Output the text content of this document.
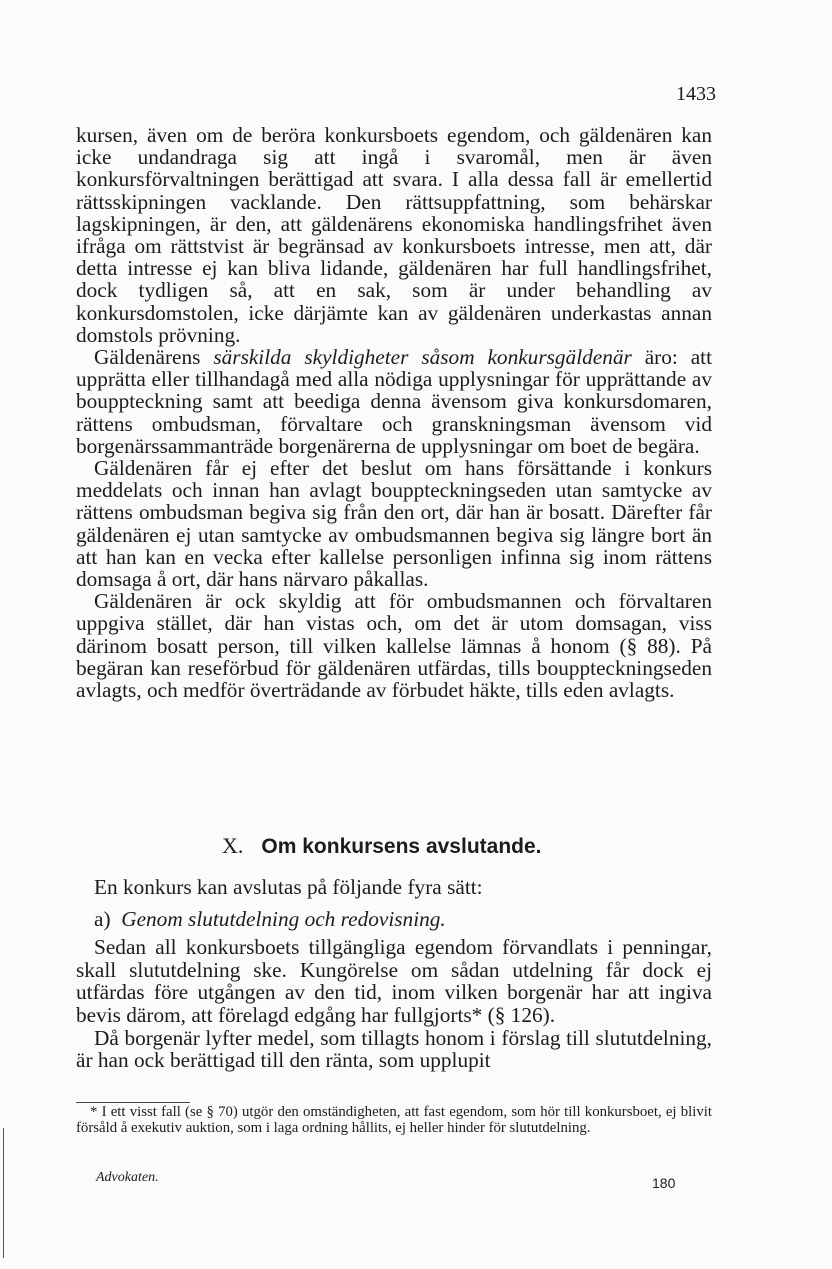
1433

kursen, även om de beröra konkursboets egendom, och gäldenären kan icke undandraga sig att ingå i svaromål, men är även konkursförvaltningen berättigad att svara. I alla dessa fall är emellertid rättsskipningen vacklande. Den rättsuppfattning, som behärskar lagskipningen, är den, att gäldenärens ekonomiska handlingsfrihet även ifråga om rättstvist är begränsad av konkursboets intresse, men att, där detta intresse ej kan bliva lidande, gäldenären har full handlingsfrihet, dock tydligen så, att en sak, som är under behandling av konkursdomstolen, icke därjämte kan av gäldenären underkastas annan domstols prövning.

Gäldenärens särskilda skyldigheter såsom konkursgäldenär äro: att upprätta eller tillhandagå med alla nödiga upplysningar för upprättande av bouppteckning samt att beediga denna ävensom giva konkursdomaren, rättens ombudsman, förvaltare och granskningsman ävensom vid borgenärssammanträde borgenärerna de upplysningar om boet de begära.

Gäldenären får ej efter det beslut om hans försättande i konkurs meddelats och innan han avlagt bouppteckningseden utan samtycke av rättens ombudsman begiva sig från den ort, där han är bosatt. Därefter får gäldenären ej utan samtycke av ombudsmannen begiva sig längre bort än att han kan en vecka efter kallelse personligen infinna sig inom rättens domsaga å ort, där hans närvaro påkallas.

Gäldenären är ock skyldig att för ombudsmannen och förvaltaren uppgiva stället, där han vistas och, om det är utom domsagan, viss därinom bosatt person, till vilken kallelse lämnas å honom (§ 88). På begäran kan reseförbud för gäldenären utfärdas, tills bouppteckningseden avlagts, och medför överträdande av förbudet häkte, tills eden avlagts.

X. Om konkursens avslutande.

En konkurs kan avslutas på följande fyra sätt:

a) Genom slututdelning och redovisning.

Sedan all konkursboets tillgängliga egendom förvandlats i penningar, skall slututdelning ske. Kungörelse om sådan utdelning får dock ej utfärdas före utgången av den tid, inom vilken borgenär har att ingiva bevis därom, att förelagd edgång har fullgjorts* (§ 126).

Då borgenär lyfter medel, som tillagts honom i förslag till slututdelning, är han ock berättigad till den ränta, som upplupit

* I ett visst fall (se § 70) utgör den omständigheten, att fast egendom, som hör till konkursboet, ej blivit försåld å exekutiv auktion, som i laga ordning hållits, ej heller hinder för slututdelning.

Advokaten.	180
